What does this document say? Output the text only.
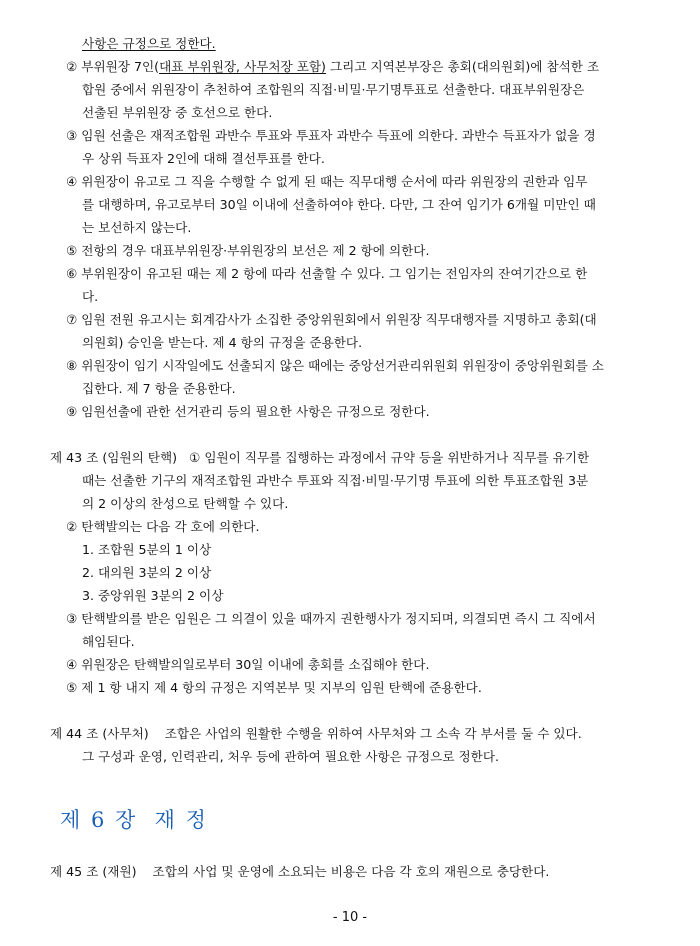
사항은 규정으로 정한다.
② 부위원장 7인(대표 부위원장, 사무처장 포함) 그리고 지역본부장은 총회(대의원회)에 참석한 조
합원 중에서 위원장이 추천하여 조합원의 직접·비밀·무기명투표로 선출한다. 대표부위원장은
선출된 부위원장 중 호선으로 한다.
③ 임원 선출은 재적조합원 과반수 투표와 투표자 과반수 득표에 의한다. 과반수 득표자가 없을 경
우 상위 득표자 2인에 대해 결선투표를 한다.
④ 위원장이 유고로 그 직을 수행할 수 없게 된 때는 직무대행 순서에 따라 위원장의 권한과 임무
를 대행하며, 유고로부터 30일 이내에 선출하여야 한다. 다만, 그 잔여 임기가 6개월 미만인 때
는 보선하지 않는다.
⑤ 전항의 경우 대표부위원장·부위원장의 보선은 제 2 항에 의한다.
⑥ 부위원장이 유고된 때는 제 2 항에 따라 선출할 수 있다. 그 임기는 전임자의 잔여기간으로 한
다.
⑦ 임원 전원 유고시는 회계감사가 소집한 중앙위원회에서 위원장 직무대행자를 지명하고 총회(대
의원회) 승인을 받는다. 제 4 항의 규정을 준용한다.
⑧ 위원장이 임기 시작일에도 선출되지 않은 때에는 중앙선거관리위원회 위원장이 중앙위원회를 소
집한다. 제 7 항을 준용한다.
⑨ 임원선출에 관한 선거관리 등의 필요한 사항은 규정으로 정한다.
제 43 조 (임원의 탄핵)   ① 임원이 직무를 집행하는 과정에서 규약 등을 위반하거나 직무를 유기한
때는 선출한 기구의 재적조합원 과반수 투표와 직접·비밀·무기명 투표에 의한 투표조합원 3분
의 2 이상의 찬성으로 탄핵할 수 있다.
② 탄핵발의는 다음 각 호에 의한다.
1. 조합원 5분의 1 이상
2. 대의원 3분의 2 이상
3. 중앙위원 3분의 2 이상
③ 탄핵발의를 받은 임원은 그 의결이 있을 때까지 권한행사가 정지되며, 의결되면 즉시 그 직에서
해임된다.
④ 위원장은 탄핵발의일로부터 30일 이내에 총회를 소집해야 한다.
⑤ 제 1 항 내지 제 4 항의 규정은 지역본부 및 지부의 임원 탄핵에 준용한다.
제 44 조 (사무처)    조합은 사업의 원활한 수행을 위하여 사무처와 그 소속 각 부서를 둘 수 있다.
그 구성과 운영, 인력관리, 처우 등에 관하여 필요한 사항은 규정으로 정한다.
제 6 장  재 정
제 45 조 (재원)    조합의 사업 및 운영에 소요되는 비용은 다음 각 호의 재원으로 충당한다.
- 10 -
